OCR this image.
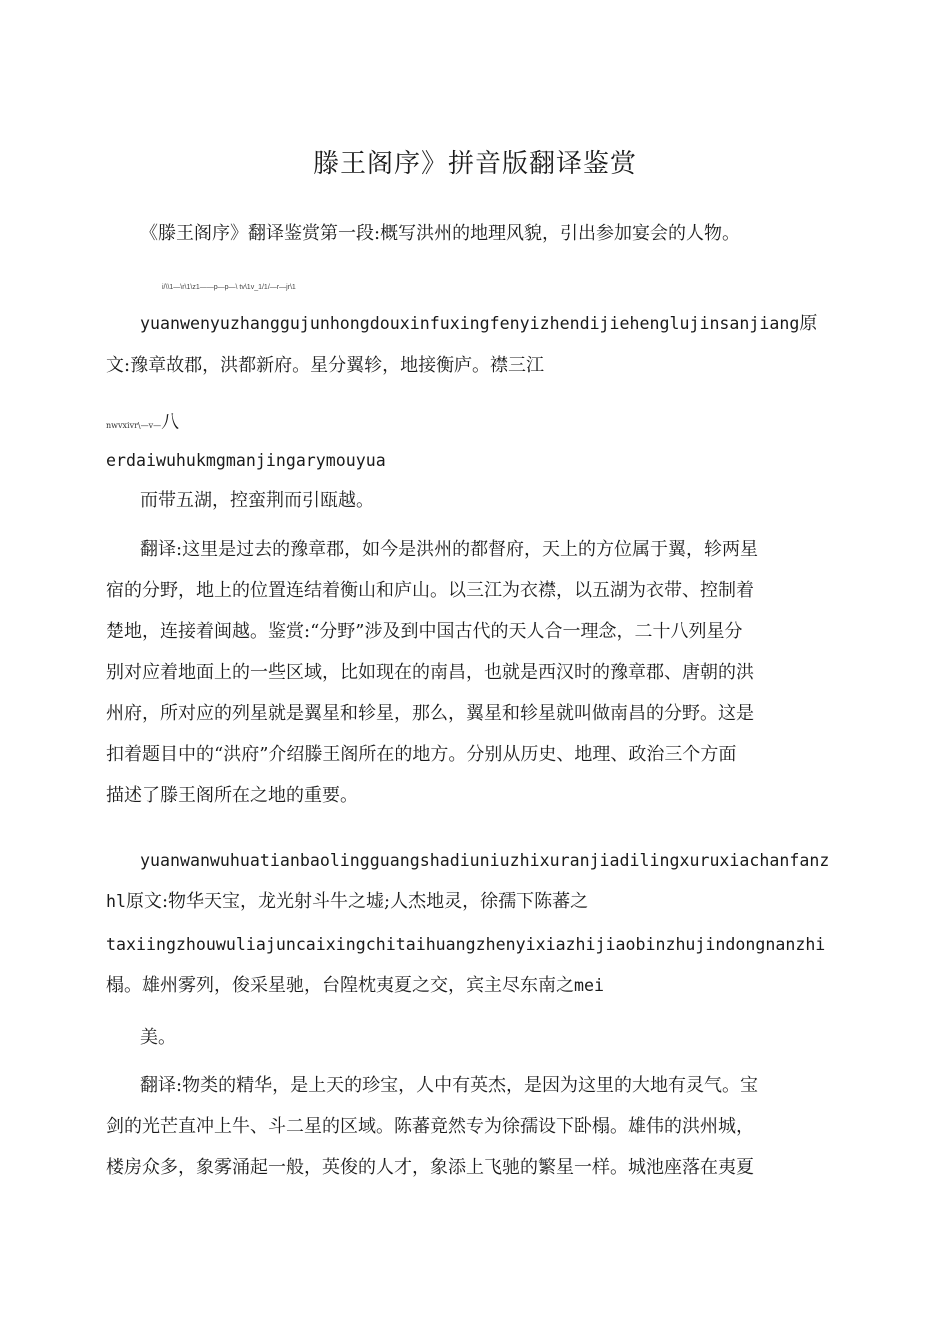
滕王阁序》拼音版翻译鉴赏
《滕王阁序》翻译鉴赏第一段:概写洪州的地理风貌，引出参加宴会的人物。
i/\\1—\r\1\z1——p—p—\ tv\1v_1/1/—r—jr\1
yuanwenyuzhanggujunhongdouxinfuxingfenyizhendijiehenglujinsanjiang原
文:豫章故郡，洪都新府。星分翼轸，地接衡庐。襟三江
nwvxivr\—v—八
erdaiwuhukmgmanjingarymouyua
而带五湖，控蛮荆而引瓯越。
翻译:这里是过去的豫章郡，如今是洪州的都督府，天上的方位属于翼，轸两星
宿的分野，地上的位置连结着衡山和庐山。以三江为衣襟，以五湖为衣带、控制着
楚地，连接着闽越。鉴赏:“分野”涉及到中国古代的天人合一理念，二十八列星分
别对应着地面上的一些区域，比如现在的南昌，也就是西汉时的豫章郡、唐朝的洪
州府，所对应的列星就是翼星和轸星，那么，翼星和轸星就叫做南昌的分野。这是
扣着题目中的“洪府”介绍滕王阁所在的地方。分别从历史、地理、政治三个方面
描述了滕王阁所在之地的重要。
yuanwanwuhuatianbaolingguangshadiuniuzhixuranjiadilingxuruxiachanfanz
hl原文:物华天宝，龙光射斗牛之墟;人杰地灵，徐孺下陈蕃之
taxiingzhouwuliajuncaixingchitaihuangzhenyixiazhijiaobinzhujindongnanzhi
榻。雄州雾列，俊采星驰，台隍枕夷夏之交，宾主尽东南之mei
美。
翻译:物类的精华，是上天的珍宝，人中有英杰，是因为这里的大地有灵气。宝
剑的光芒直冲上牛、斗二星的区域。陈蕃竟然专为徐孺设下卧榻。雄伟的洪州城，
楼房众多，象雾涌起一般，英俊的人才，象添上飞驰的繁星一样。城池座落在夷夏
